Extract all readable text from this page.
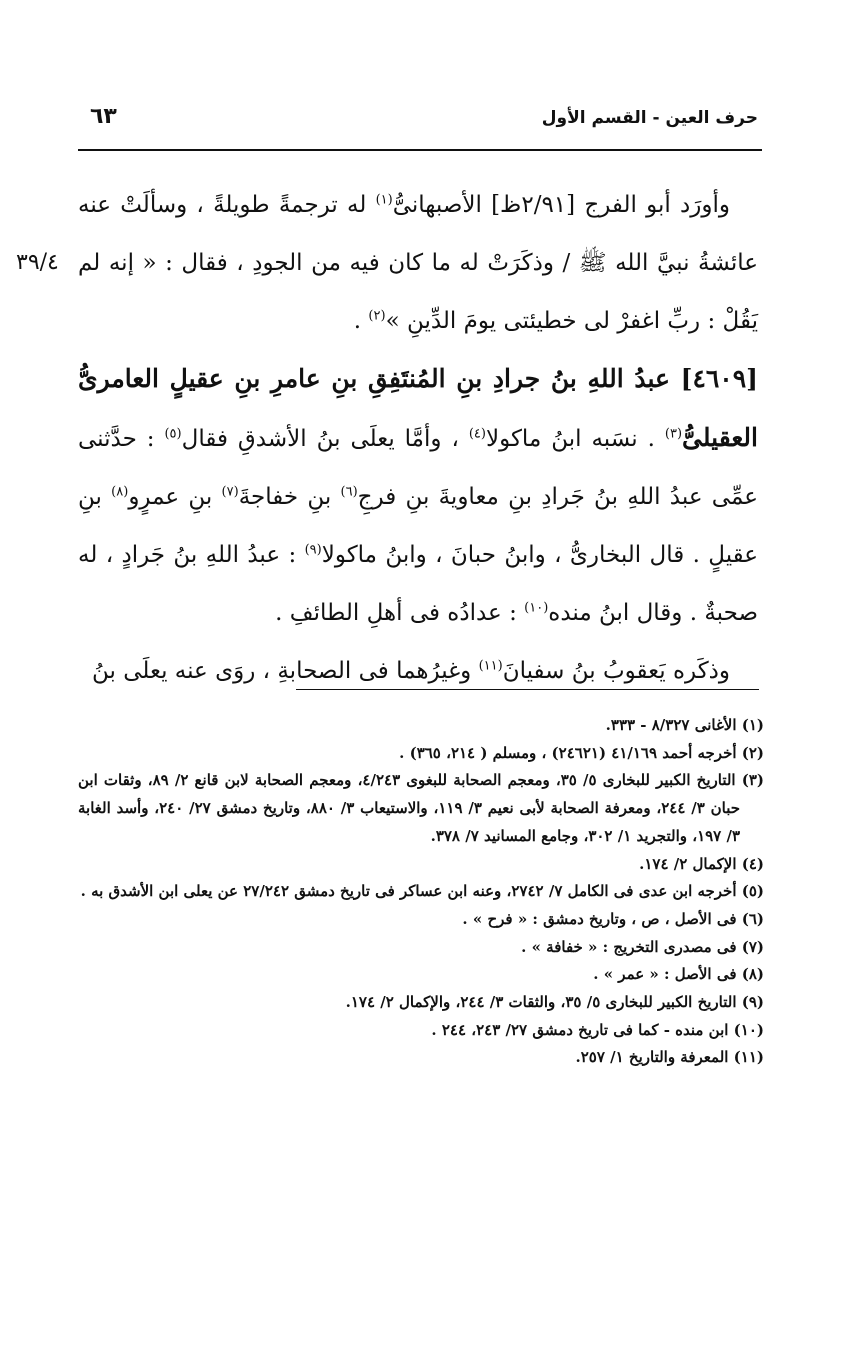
حرف العين - القسم الأول
٦٣
٣٩/٤

وأورَد أبو الفرج [٢/٩١ظ] الأصبهانىُّ$^{(١)}$ له ترجمةً طويلةً ، وسألَتْ عنه عائشةُ نبيَّ الله ﷺ / وذكَرَتْ له ما كان فيه من الجودِ ، فقال : « إنه لم يَقُلْ : ربِّ اغفرْ لى خطيئتى يومَ الدِّينِ »$^{(٢)}$ .

[٤٦٠٩] عبدُ اللهِ بنُ جرادِ بنِ المُنتَفِقِ بنِ عامرِ بنِ عقيلٍ العامرىُّ العقيلىُّ$^{(٣)}$ . نسَبه ابنُ ماكولا$^{(٤)}$ ، وأمَّا يعلَى بنُ الأشدقِ فقال$^{(٥)}$ : حدَّثنى عمِّى عبدُ اللهِ بنُ جَرادِ بنِ معاويةَ بنِ فرجِ$^{(٦)}$ بنِ خفاجةَ$^{(٧)}$ بنِ عمرٍو$^{(٨)}$ بنِ عقيلٍ . قال البخارىُّ ، وابنُ حبانَ ، وابنُ ماكولا$^{(٩)}$ : عبدُ اللهِ بنُ جَرادٍ ، له صحبةٌ . وقال ابنُ منده$^{(١٠)}$ : عدادُه فى أهلِ الطائفِ .

وذكَره يَعقوبُ بنُ سفيانَ$^{(١١)}$ وغيرُهما فى الصحابةِ ، روَى عنه يعلَى بنُ

(١) الأغانى ٨/٣٢٧ - ٣٣٣.

(٢) أخرجه أحمد ٤١/١٦٩ (٢٤٦٢١) ، ومسلم ( ٢١٤، ٣٦٥) .

(٣) التاريخ الكبير للبخارى ٥/ ٣٥، ومعجم الصحابة للبغوى ٤/٢٤٣، ومعجم الصحابة لابن قانع ٢/ ٨٩، وثقات ابن حبان ٣/ ٢٤٤، ومعرفة الصحابة لأبى نعيم ٣/ ١١٩، والاستيعاب ٣/ ٨٨٠، وتاريخ دمشق ٢٧/ ٢٤٠، وأسد الغابة ٣/ ١٩٧، والتجريد ١/ ٣٠٢، وجامع المسانيد ٧/ ٣٧٨.

(٤) الإكمال ٢/ ١٧٤.

(٥) أخرجه ابن عدى فى الكامل ٧/ ٢٧٤٢، وعنه ابن عساكر فى تاريخ دمشق ٢٧/٢٤٢ عن يعلى ابن الأشدق به .

(٦) فى الأصل ، ص ، وتاريخ دمشق : « فرح » .

(٧) فى مصدرى التخريج : « خفافة » .

(٨) فى الأصل : « عمر » .

(٩) التاريخ الكبير للبخارى ٥/ ٣٥، والثقات ٣/ ٢٤٤، والإكمال ٢/ ١٧٤.

(١٠) ابن منده - كما فى تاريخ دمشق ٢٧/ ٢٤٣، ٢٤٤ .

(١١) المعرفة والتاريخ ١/ ٢٥٧.
